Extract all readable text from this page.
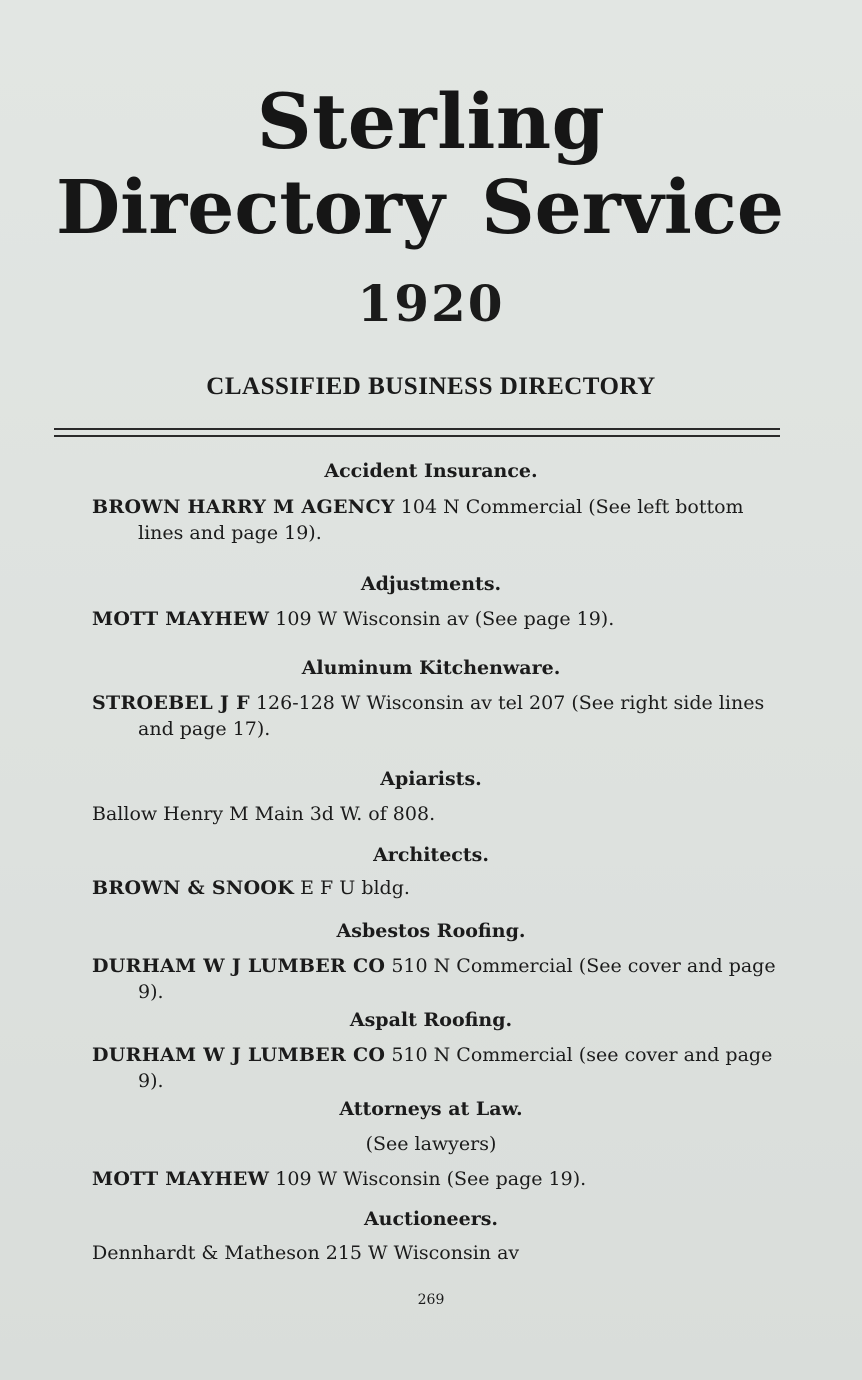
Sterling
Directory Service
1920
CLASSIFIED BUSINESS DIRECTORY
Accident Insurance.
BROWN HARRY M AGENCY 104 N Commercial (See left bottom lines and page 19).
Adjustments.
MOTT MAYHEW 109 W Wisconsin av (See page 19).
Aluminum Kitchenware.
STROEBEL J F 126-128 W Wisconsin av tel 207 (See right side lines and page 17).
Apiarists.
Ballow Henry M Main 3d W. of 808.
Architects.
BROWN & SNOOK E F U bldg.
Asbestos Roofing.
DURHAM W J LUMBER CO 510 N Commercial (See cover and page 9).
Aspalt Roofing.
DURHAM W J LUMBER CO 510 N Commercial (see cover and page 9).
Attorneys at Law.
(See lawyers)
MOTT MAYHEW 109 W Wisconsin (See page 19).
Auctioneers.
Dennhardt & Matheson 215 W Wisconsin av
269
